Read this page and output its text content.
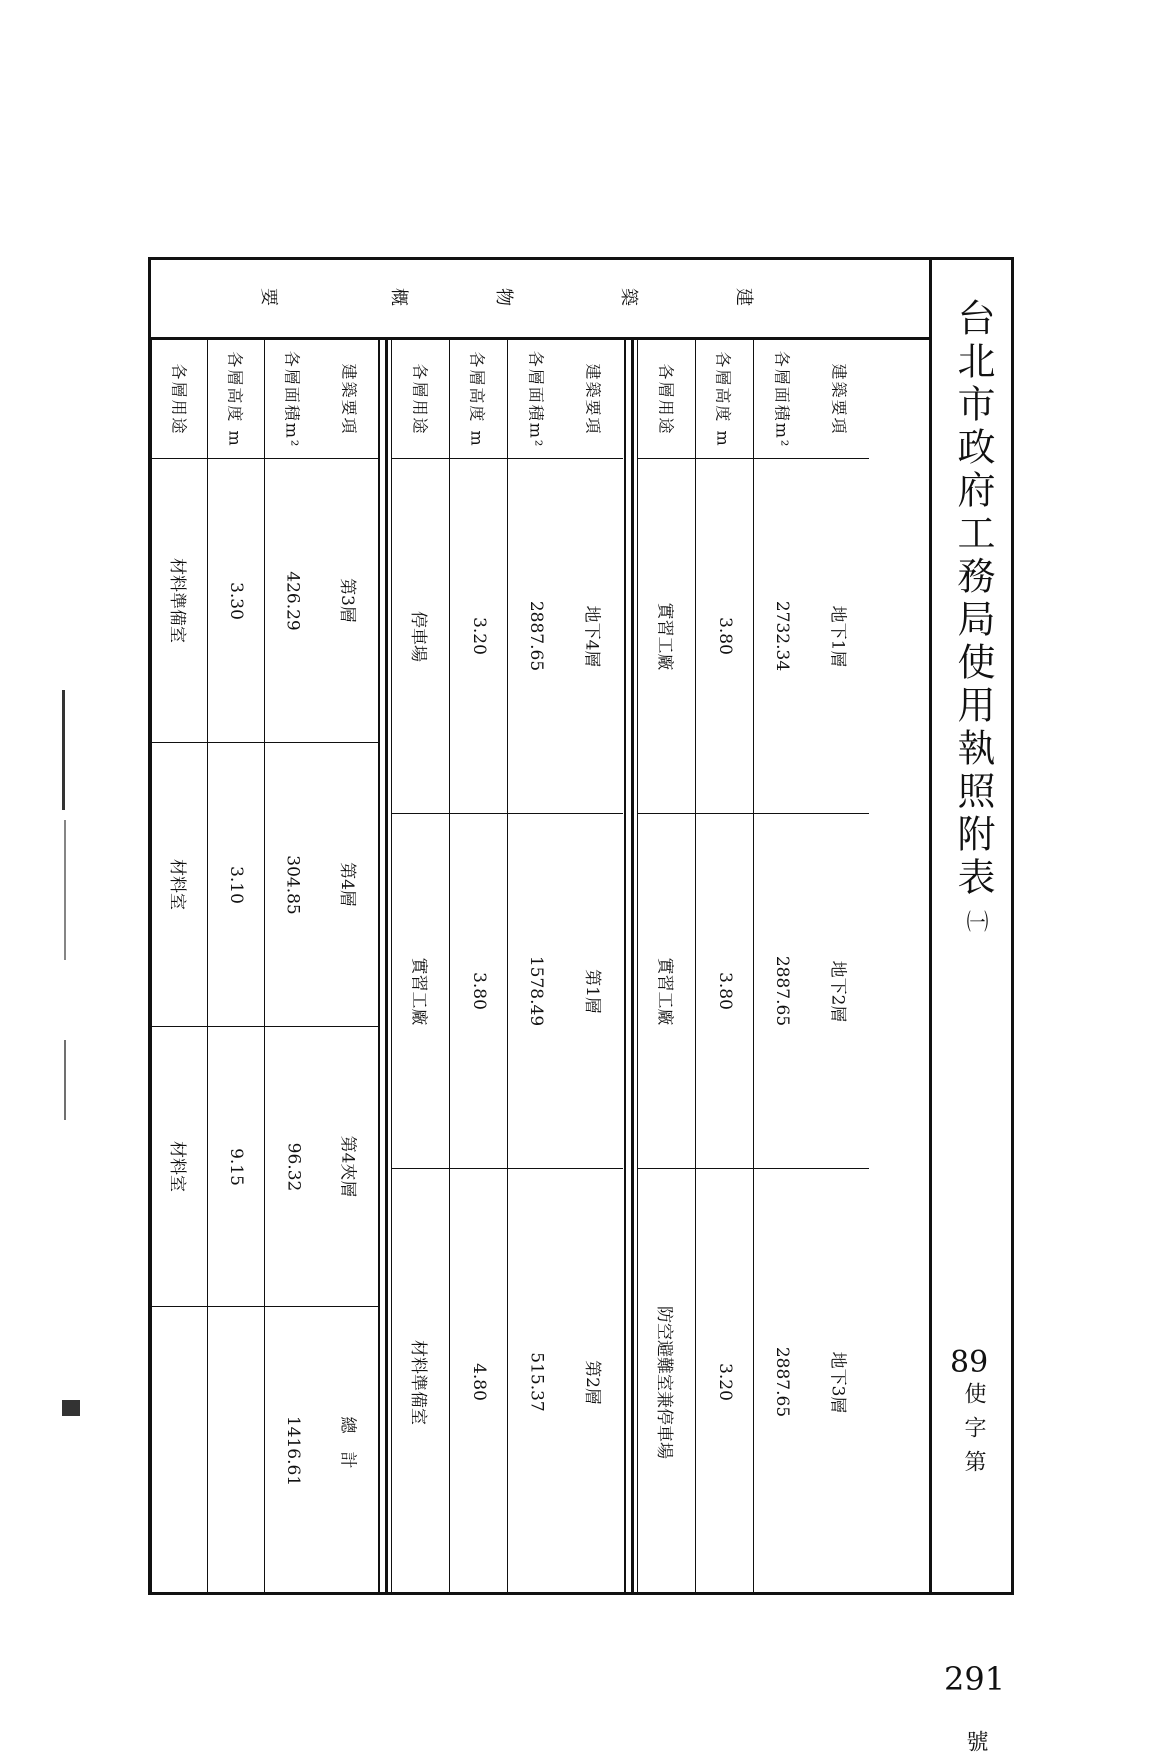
台北市政府工務局使用執照附表
㈠
89
使字第
291
號
建
築
物
概
要
建築要項
地下1層
地下2層
地下3層
各層面積m²
2732.34
2887.65
2887.65
各層高度 m
3.80
3.80
3.20
各層用途
實習工廠
實習工廠
防空避難室兼停車場
建築要項
地下4層
第1層
第2層
各層面積m²
2887.65
1578.49
515.37
各層高度 m
3.20
3.80
4.80
各層用途
停車場
實習工廠
材料準備室
建築要項
第3層
第4層
第4夾層
總計
各層面積m²
426.29
304.85
96.32
1416.61
各層高度 m
3.30
3.10
9.15
各層用途
材料準備室
材料室
材料室
